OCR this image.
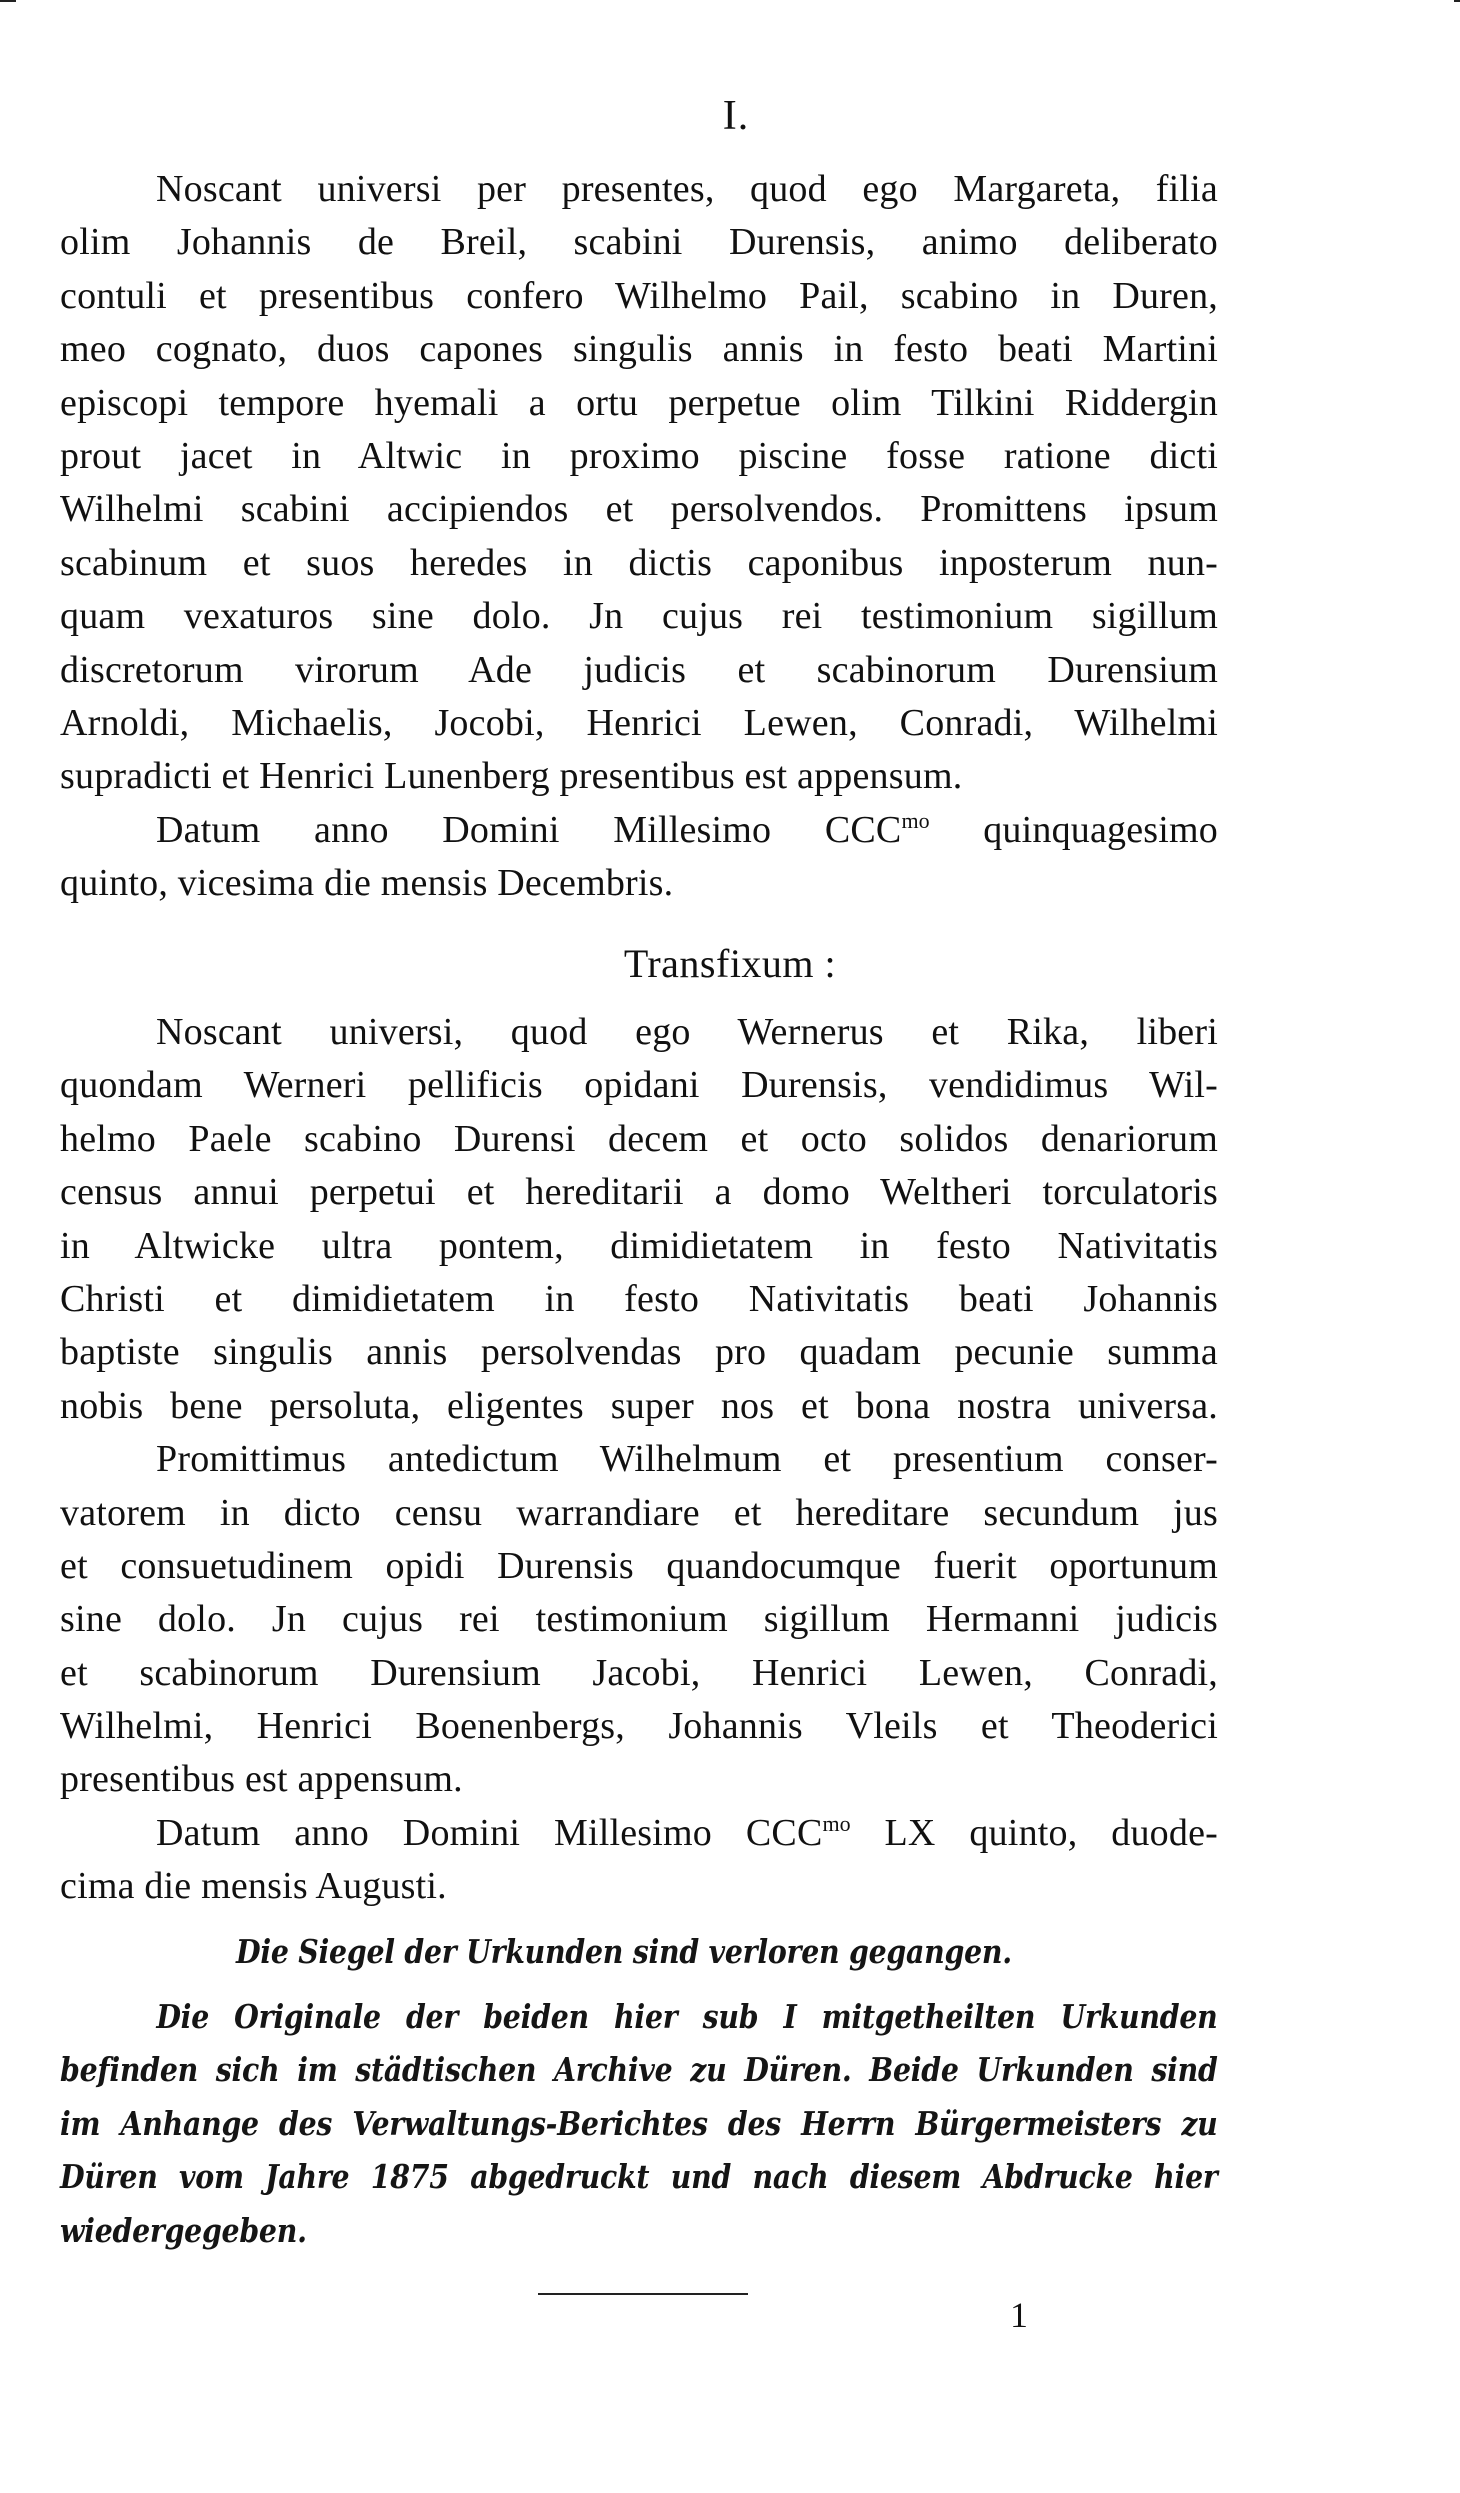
I.
Noscant universi per presentes, quod ego Margareta, filia
olim Johannis de Breil, scabini Durensis, animo deliberato
contuli et presentibus confero Wilhelmo Pail, scabino in Duren,
meo cognato, duos capones singulis annis in festo beati Martini
episcopi tempore hyemali a ortu perpetue olim Tilkini Riddergin
prout jacet in Altwic in proximo piscine fosse ratione dicti
Wilhelmi scabini accipiendos et persolvendos. Promittens ipsum
scabinum et suos heredes in dictis caponibus inposterum nun-
quam vexaturos sine dolo. Jn cujus rei testimonium sigillum
discretorum virorum Ade judicis et scabinorum Durensium
Arnoldi, Michaelis, Jocobi, Henrici Lewen, Conradi, Wilhelmi
supradicti et Henrici Lunenberg presentibus est appensum.
Datum anno Domini Millesimo $CCC^{mo}$ quinquagesimo
quinto, vicesima die mensis Decembris.
Transfixum :
Noscant universi, quod ego Wernerus et Rika, liberi
quondam Werneri pellificis opidani Durensis, vendidimus Wil-
helmo Paele scabino Durensi decem et octo solidos denariorum
census annui perpetui et hereditarii a domo Weltheri torculatoris
in Altwicke ultra pontem, dimidietatem in festo Nativitatis
Christi et dimidietatem in festo Nativitatis beati Johannis
baptiste singulis annis persolvendas pro quadam pecunie summa
nobis bene persoluta, eligentes super nos et bona nostra universa.
Promittimus antedictum Wilhelmum et presentium conser-
vatorem in dicto censu warrandiare et hereditare secundum jus
et consuetudinem opidi Durensis quandocumque fuerit oportunum
sine dolo. Jn cujus rei testimonium sigillum Hermanni judicis
et scabinorum Durensium Jacobi, Henrici Lewen, Conradi,
Wilhelmi, Henrici Boenenbergs, Johannis Vleils et Theoderici
presentibus est appensum.
Datum anno Domini Millesimo $CCC^{mo}$ LX quinto, duode-
cima die mensis Augusti.
Die Siegel der Urkunden sind verloren gegangen.
Die Originale der beiden hier sub I mitgetheilten Urkunden
befinden sich im städtischen Archive zu Düren. Beide Urkunden sind
im Anhange des Verwaltungs-Berichtes des Herrn Bürgermeisters zu
Düren vom Jahre 1875 abgedruckt und nach diesem Abdrucke hier
wiedergegeben.
1
